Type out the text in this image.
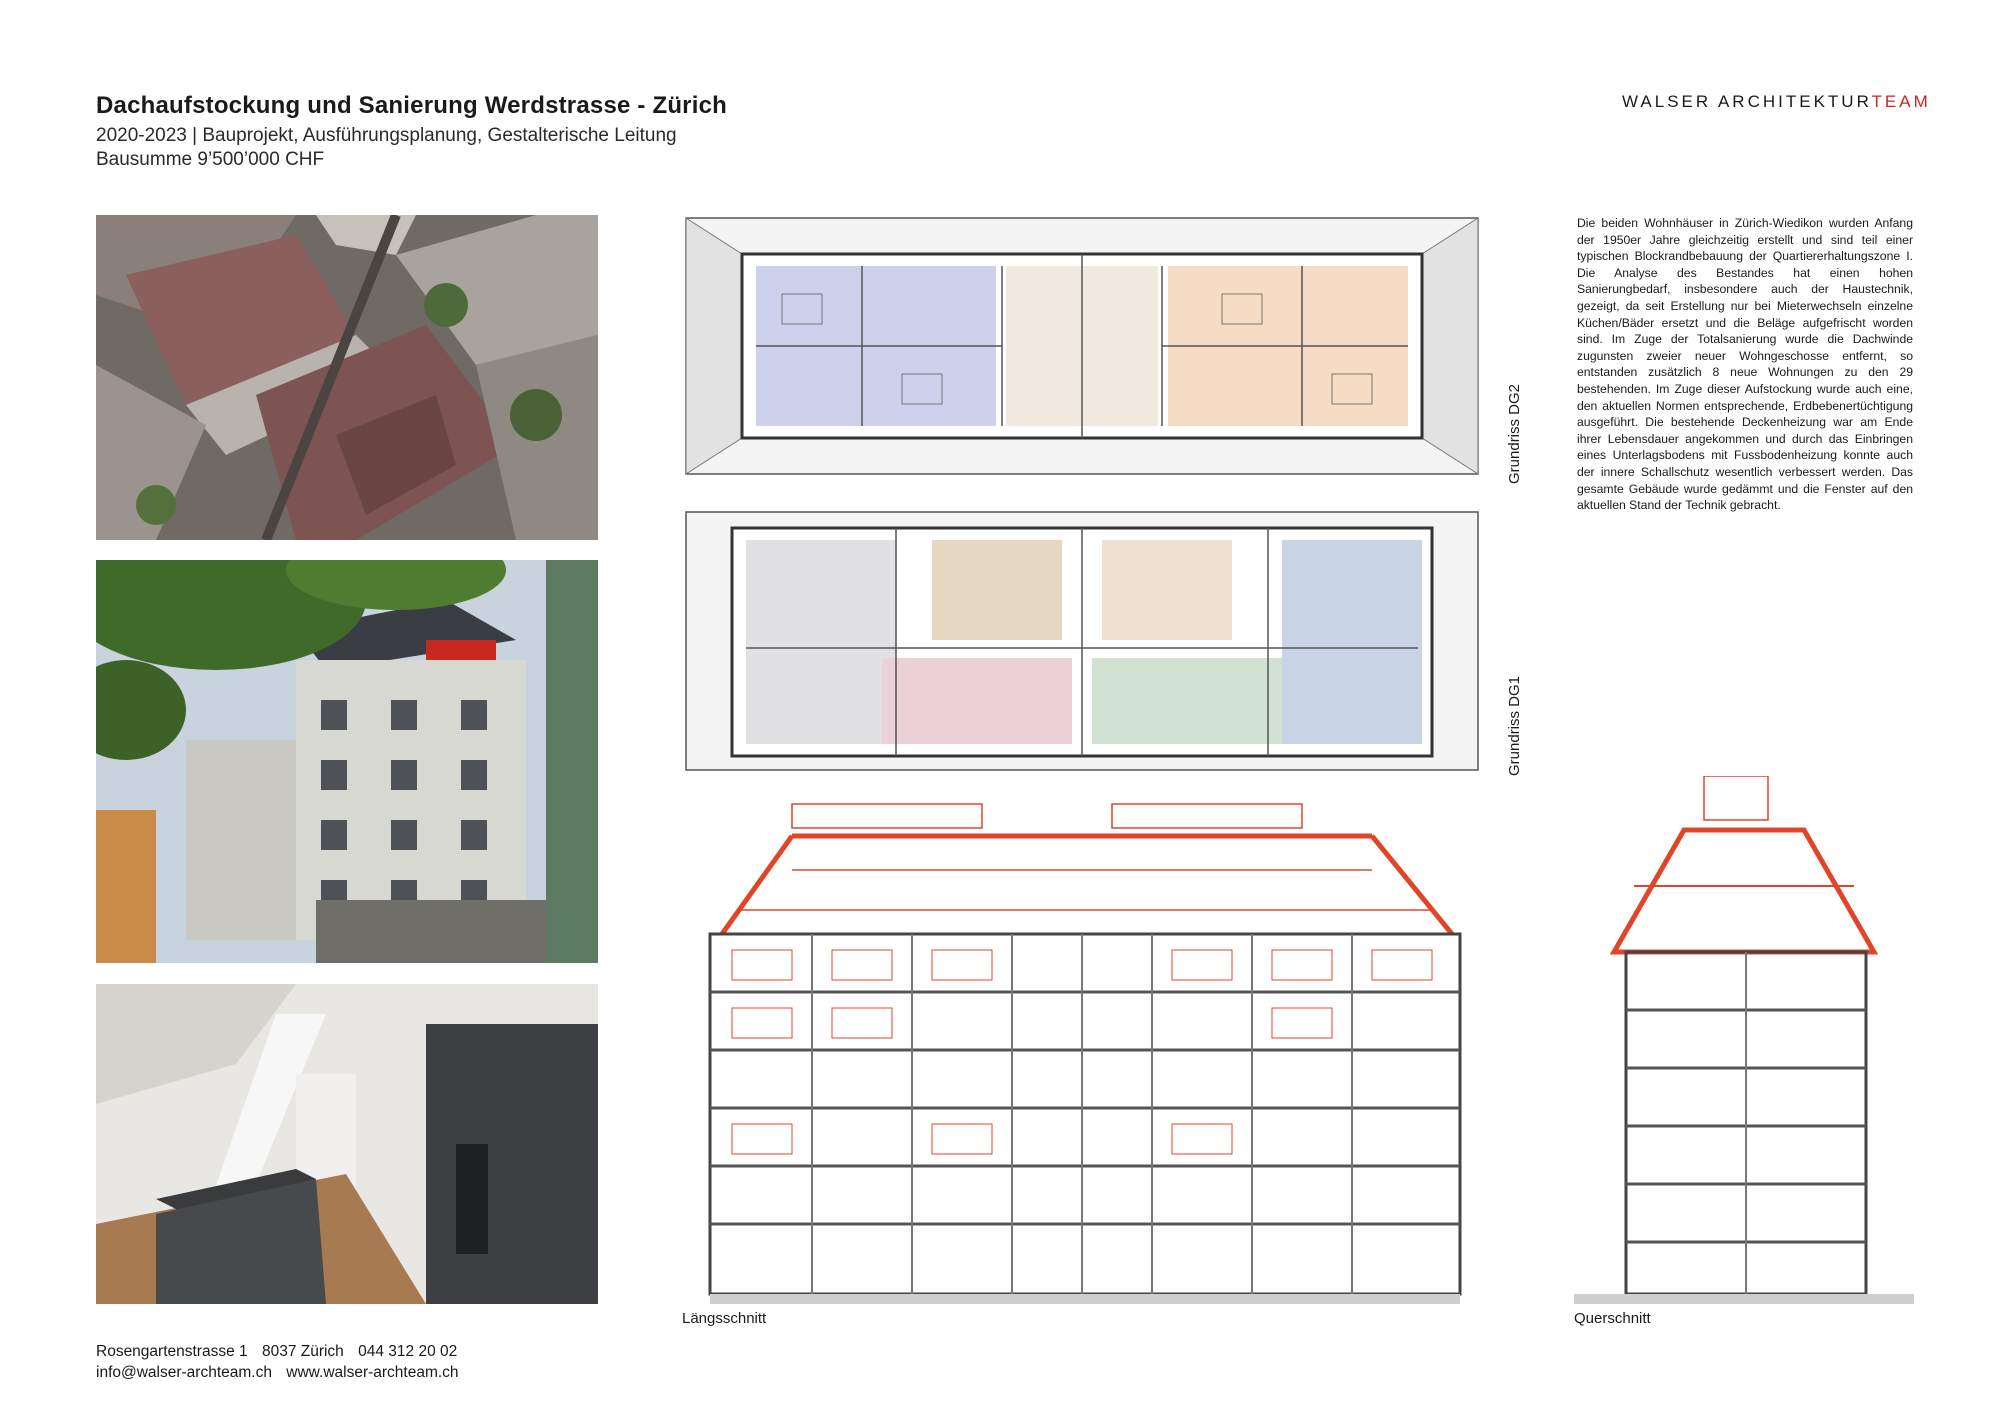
Dachaufstockung und Sanierung Werdstrasse - Zürich
2020-2023 | Bauprojekt, Ausführungsplanung, Gestalterische Leitung
Bausumme 9’500’000 CHF
WALSER ARCHITEKTURTEAM
Grundriss DG2
Grundriss DG1
Längsschnitt	Querschnitt
Die beiden Wohnhäuser in Zürich-Wiedikon wurden Anfang der 1950er Jahre gleichzeitig erstellt und sind teil einer typischen Blockrandbebauung der Quartiererhaltungszone I. Die Analyse des Bestandes hat einen hohen Sanierungbedarf, insbesondere auch der Haustechnik, gezeigt, da seit Erstellung nur bei Mieterwechseln einzelne Küchen/Bäder ersetzt und die Beläge aufgefrischt worden sind. Im Zuge der Totalsanierung wurde die Dachwinde zugunsten zweier neuer Wohngeschosse entfernt, so entstanden zusätzlich 8 neue Wohnungen zu den 29 bestehenden. Im Zuge dieser Aufstockung wurde auch eine, den aktuellen Normen entsprechende, Erdbebenertüchtigung ausgeführt. Die bestehende Deckenheizung war am Ende ihrer Lebensdauer angekommen und durch das Einbringen eines Unterlagsbodens mit Fussbodenheizung konnte auch der innere Schallschutz wesentlich verbessert werden. Das gesamte Gebäude wurde gedämmt und die Fenster auf den aktuellen Stand der Technik gebracht.
Rosengartenstrasse 1 8037 Zürich 044 312 20 02
info@walser-archteam.ch www.walser-archteam.ch
